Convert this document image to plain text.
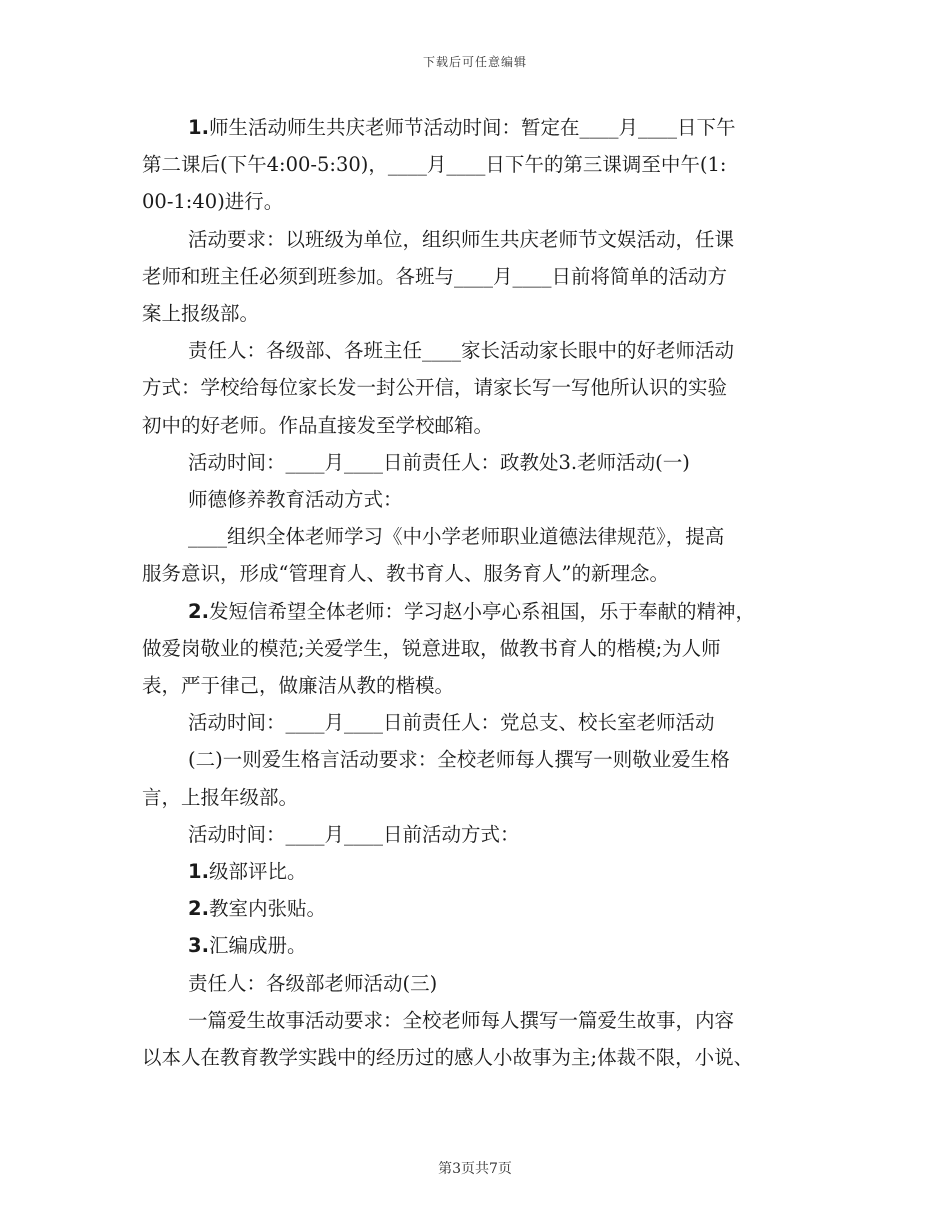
下载后可任意编辑

1.师生活动师生共庆老师节活动时间：暂定在____月____日下午

第二课后(下午4:00-5:30)，____月____日下午的第三课调至中午(1:

00-1:40)进行。

活动要求：以班级为单位，组织师生共庆老师节文娱活动，任课

老师和班主任必须到班参加。各班与____月____日前将简单的活动方

案上报级部。

责任人：各级部、各班主任____家长活动家长眼中的好老师活动

方式：学校给每位家长发一封公开信，请家长写一写他所认识的实验

初中的好老师。作品直接发至学校邮箱。

活动时间：____月____日前责任人：政教处3.老师活动(一)

师德修养教育活动方式：

____组织全体老师学习《中小学老师职业道德法律规范》，提高

服务意识，形成“管理育人、教书育人、服务育人”的新理念。

2.发短信希望全体老师：学习赵小亭心系祖国，乐于奉献的精神，

做爱岗敬业的模范;关爱学生，锐意进取，做教书育人的楷模;为人师

表，严于律己，做廉洁从教的楷模。

活动时间：____月____日前责任人：党总支、校长室老师活动

(二)一则爱生格言活动要求：全校老师每人撰写一则敬业爱生格

言，上报年级部。

活动时间：____月____日前活动方式：

1.级部评比。

2.教室内张贴。

3.汇编成册。

责任人：各级部老师活动(三)

一篇爱生故事活动要求：全校老师每人撰写一篇爱生故事，内容

以本人在教育教学实践中的经历过的感人小故事为主;体裁不限，小说、

第3页共7页
